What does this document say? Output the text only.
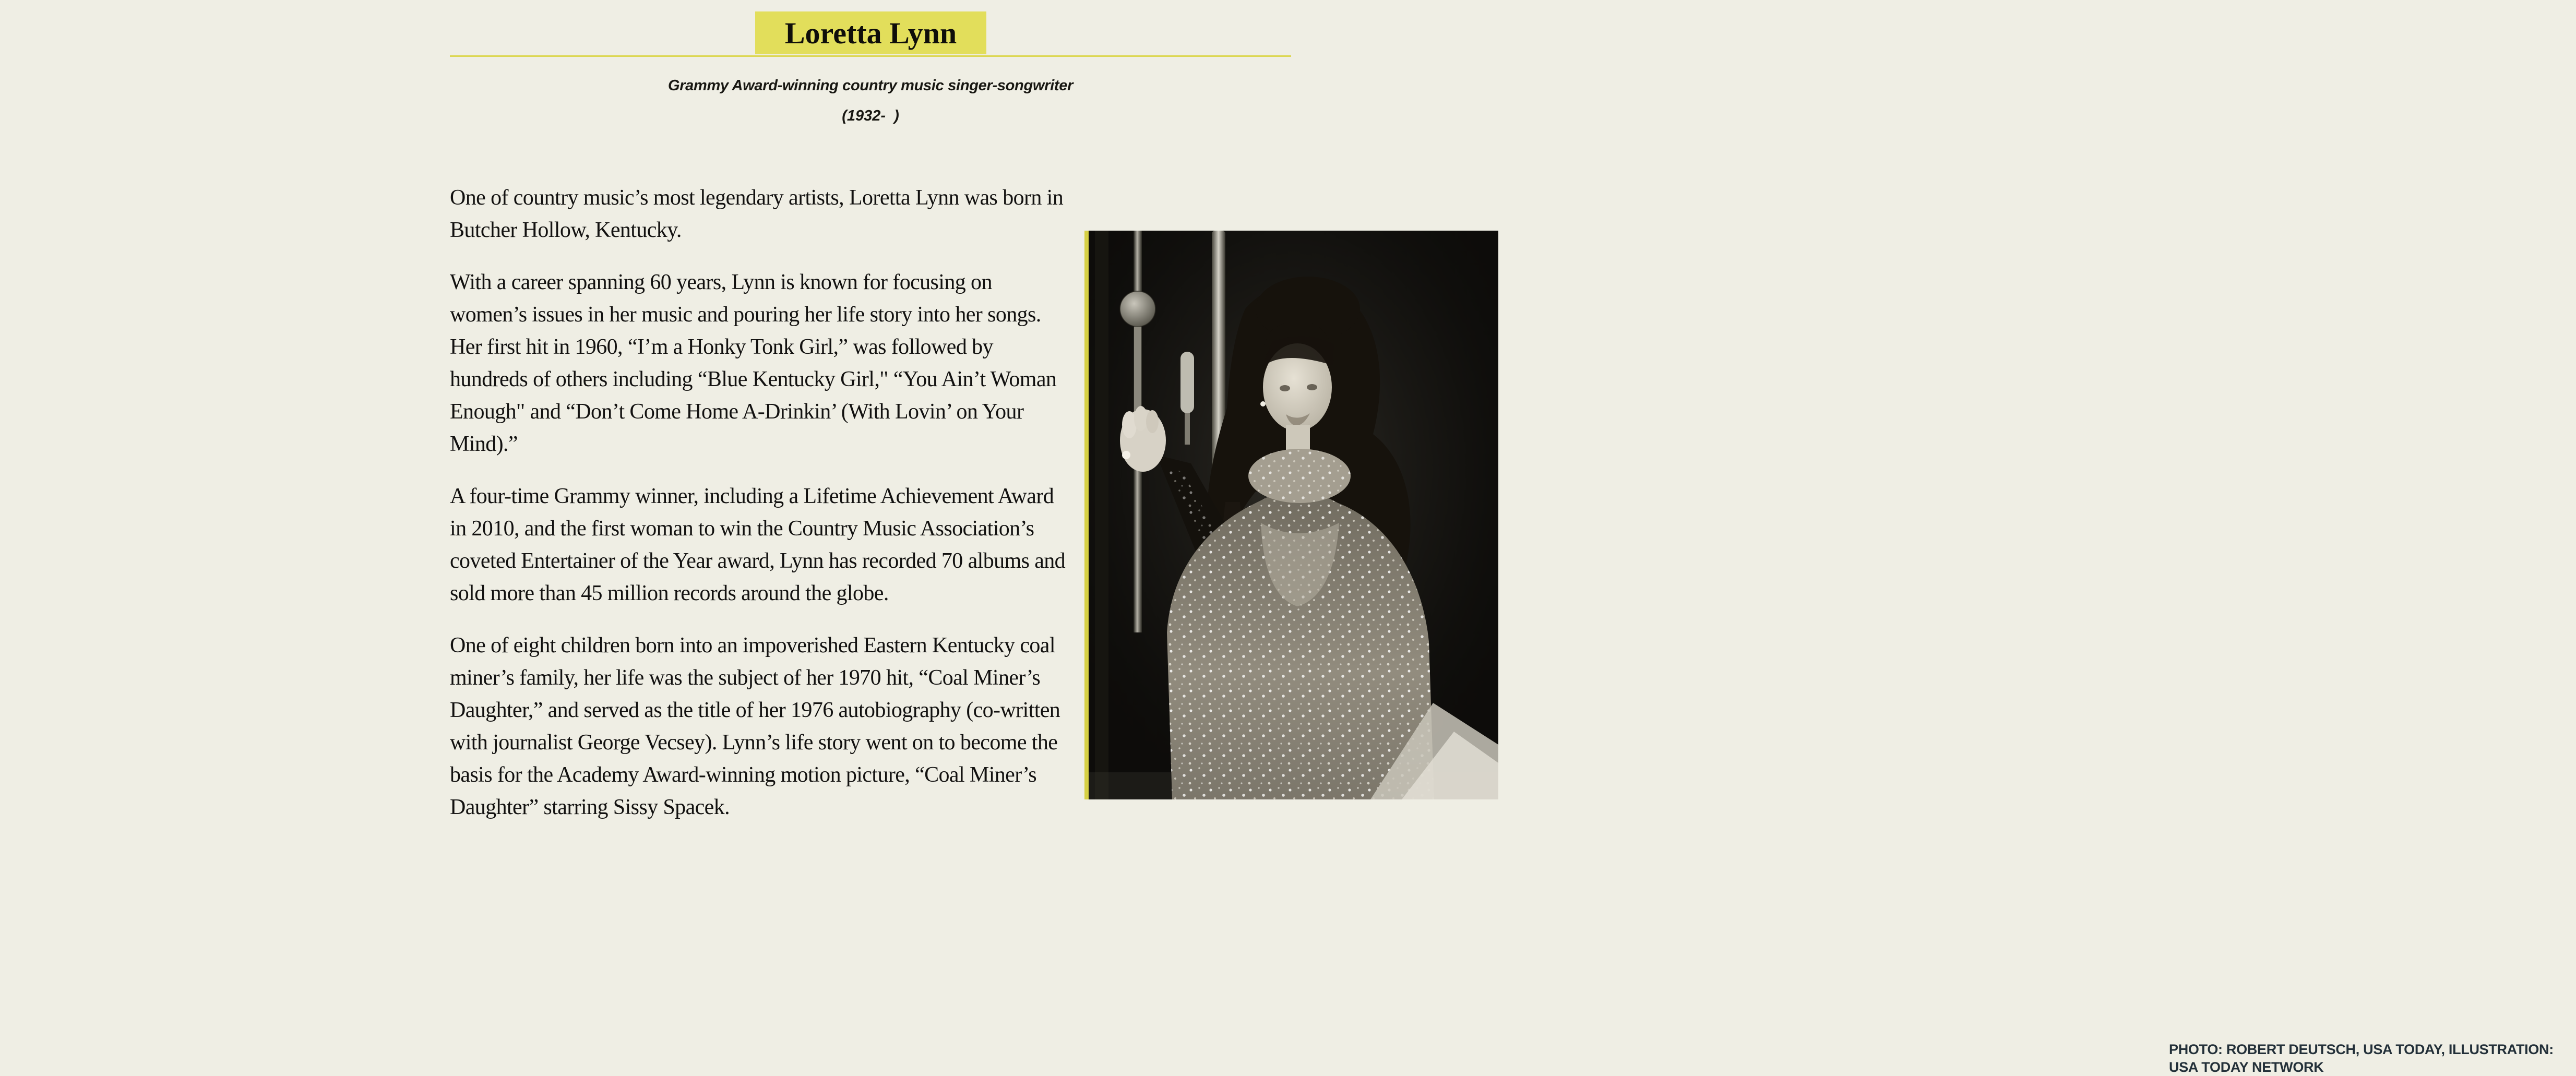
Loretta Lynn
Grammy Award-winning country music singer-songwriter
(1932-  )

One of country music’s most legendary artists, Loretta Lynn was born in Butcher Hollow, Kentucky.

With a career spanning 60 years, Lynn is known for focusing on women’s issues in her music and pouring her life story into her songs. Her first hit in 1960, “I’m a Honky Tonk Girl,” was followed by hundreds of others including “Blue Kentucky Girl," “You Ain’t Woman Enough" and “Don’t Come Home A-Drinkin’ (With Lovin’ on Your Mind).”

A four-time Grammy winner, including a Lifetime Achievement Award in 2010, and the first woman to win the Country Music Association’s coveted Entertainer of the Year award, Lynn has recorded 70 albums and sold more than 45 million records around the globe.

One of eight children born into an impoverished Eastern Kentucky coal miner’s family, her life was the subject of her 1970 hit, “Coal Miner’s Daughter,” and served as the title of her 1976 autobiography (co-written with journalist George Vecsey). Lynn’s life story went on to become the basis for the Academy Award-winning motion picture, “Coal Miner’s Daughter” starring Sissy Spacek.

PHOTO: ROBERT DEUTSCH, USA TODAY, ILLUSTRATION: USA TODAY NETWORK
